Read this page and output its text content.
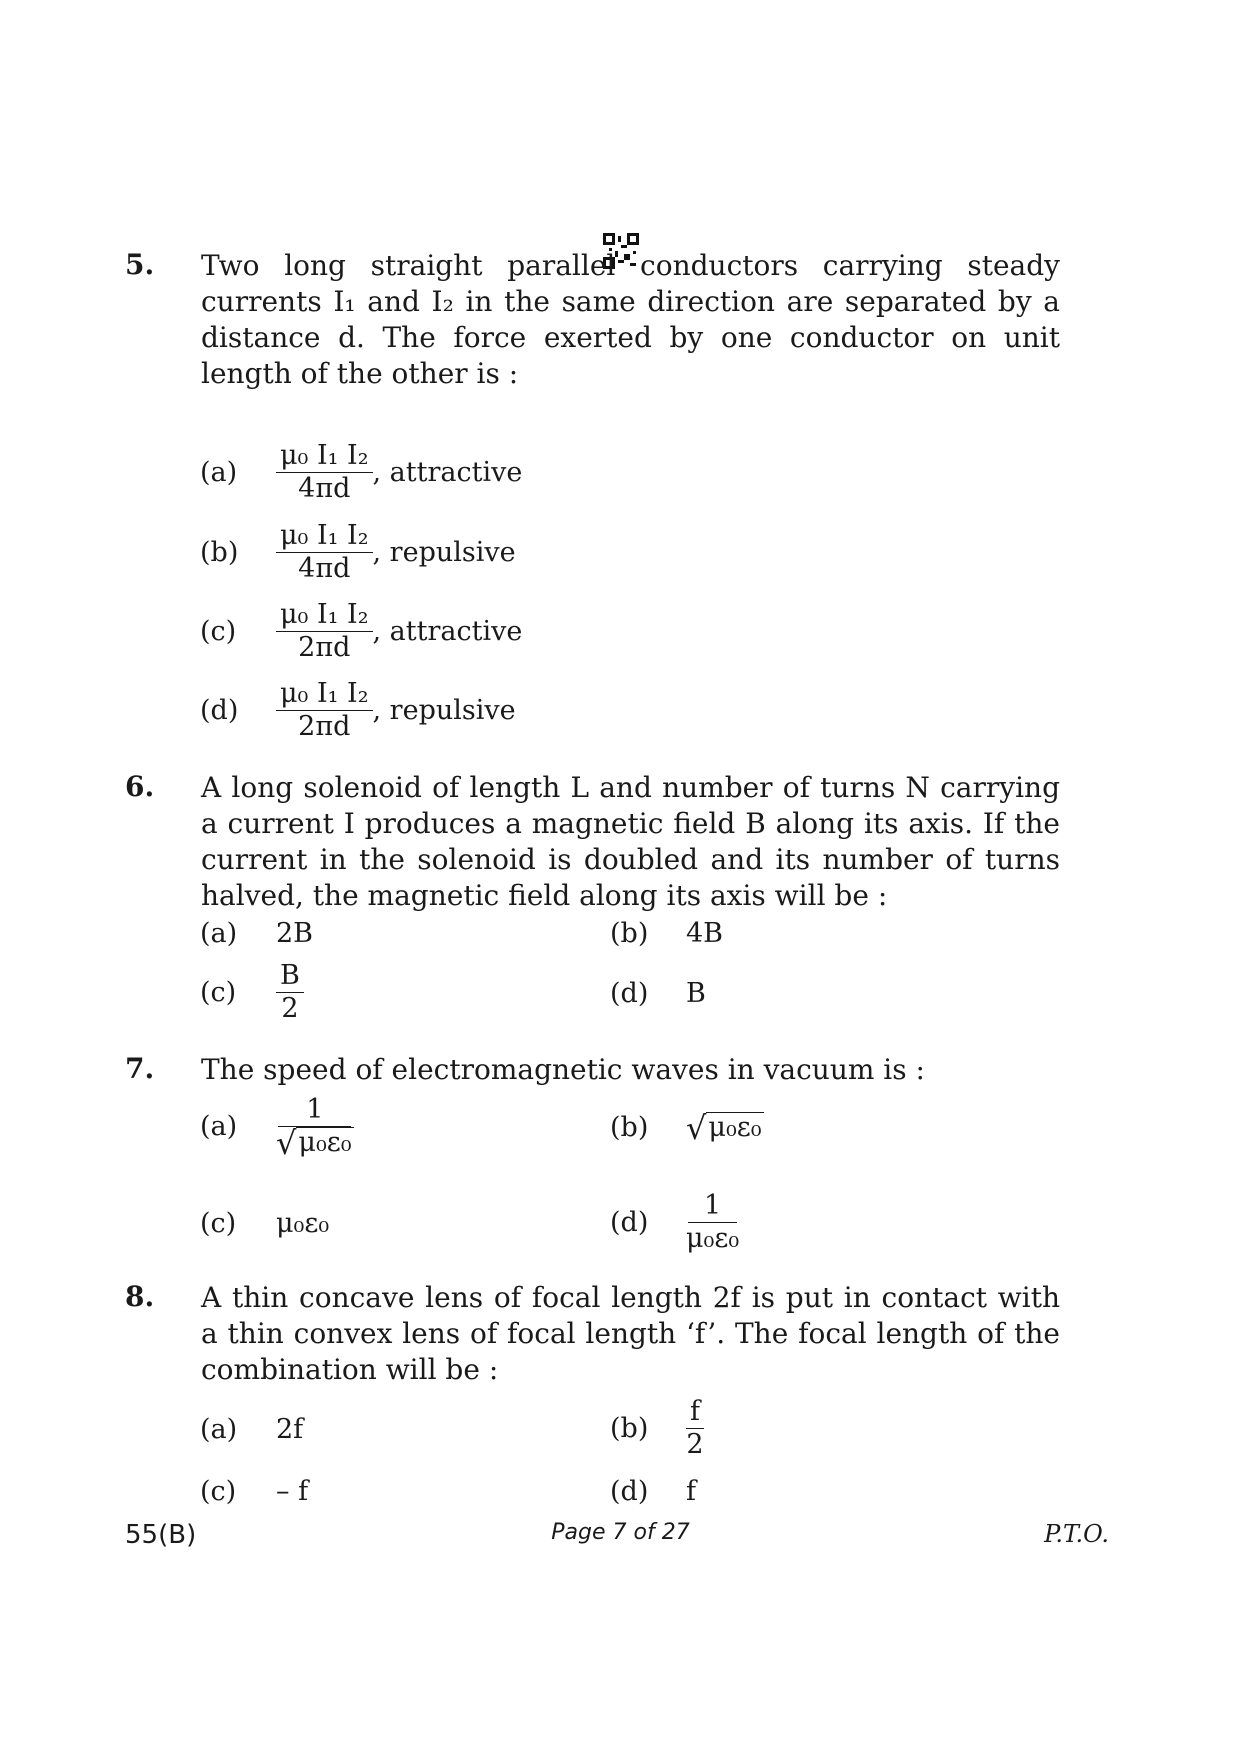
5. Two long straight parallel conductors carrying steady currents I₁ and I₂ in the same direction are separated by a distance d. The force exerted by one conductor on unit length of the other is :
(a)	$\frac{\text{μ₀ I₁ I₂}}{4\pi d}$ , attractive
(b)	$\frac{\text{μ₀ I₁ I₂}}{4\pi d}$ , repulsive
(c)	$\frac{\text{μ₀ I₁ I₂}}{2\pi d}$ , attractive
(d)	$\frac{\text{μ₀ I₁ I₂}}{2\pi d}$ , repulsive
6. A long solenoid of length L and number of turns N carrying a current I produces a magnetic field B along its axis. If the current in the solenoid is doubled and its number of turns halved, the magnetic field along its axis will be :
(a)	2B	(b)	4B
(c)	$\frac{B}{2}$	(d)	B
7. The speed of electromagnetic waves in vacuum is :
(a)	$\frac{1}{\text{√ μ₀ε₀}}$	(b)	√ μ₀ε₀
(c)	μ₀ε₀	(d)	$\frac{1}{\text{μ₀ε₀}}$
8. A thin concave lens of focal length 2f is put in contact with a thin convex lens of focal length ‘f’. The focal length of the combination will be :
(a)	2f	(b)	$\frac{f}{2}$
(c)	– f	(d)	f
55(B)	Page 7 of 27	P.T.O.
